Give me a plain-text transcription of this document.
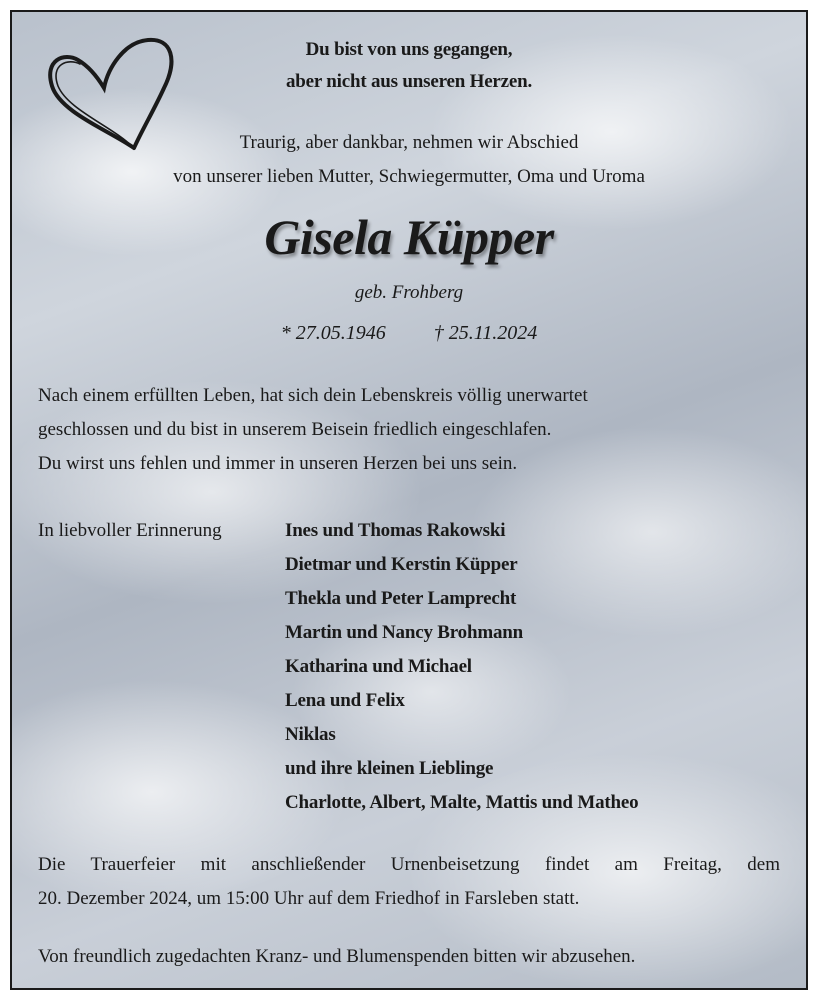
Du bist von uns gegangen,
aber nicht aus unseren Herzen.
Traurig, aber dankbar, nehmen wir Abschied
von unserer lieben Mutter, Schwiegermutter, Oma und Uroma
Gisela Küpper
geb. Frohberg
* 27.05.1946 † 25.11.2024
Nach einem erfüllten Leben, hat sich dein Lebenskreis völlig unerwartet
geschlossen und du bist in unserem Beisein friedlich eingeschlafen.
Du wirst uns fehlen und immer in unseren Herzen bei uns sein.
In liebvoller Erinnerung	Ines und Thomas Rakowski
Dietmar und Kerstin Küpper
Thekla und Peter Lamprecht
Martin und Nancy Brohmann
Katharina und Michael
Lena und Felix
Niklas
und ihre kleinen Lieblinge
Charlotte, Albert, Malte, Mattis und Matheo
Die Trauerfeier mit anschließender Urnenbeisetzung findet am Freitag, dem
20. Dezember 2024, um 15:00 Uhr auf dem Friedhof in Farsleben statt.
Von freundlich zugedachten Kranz- und Blumenspenden bitten wir abzusehen.
